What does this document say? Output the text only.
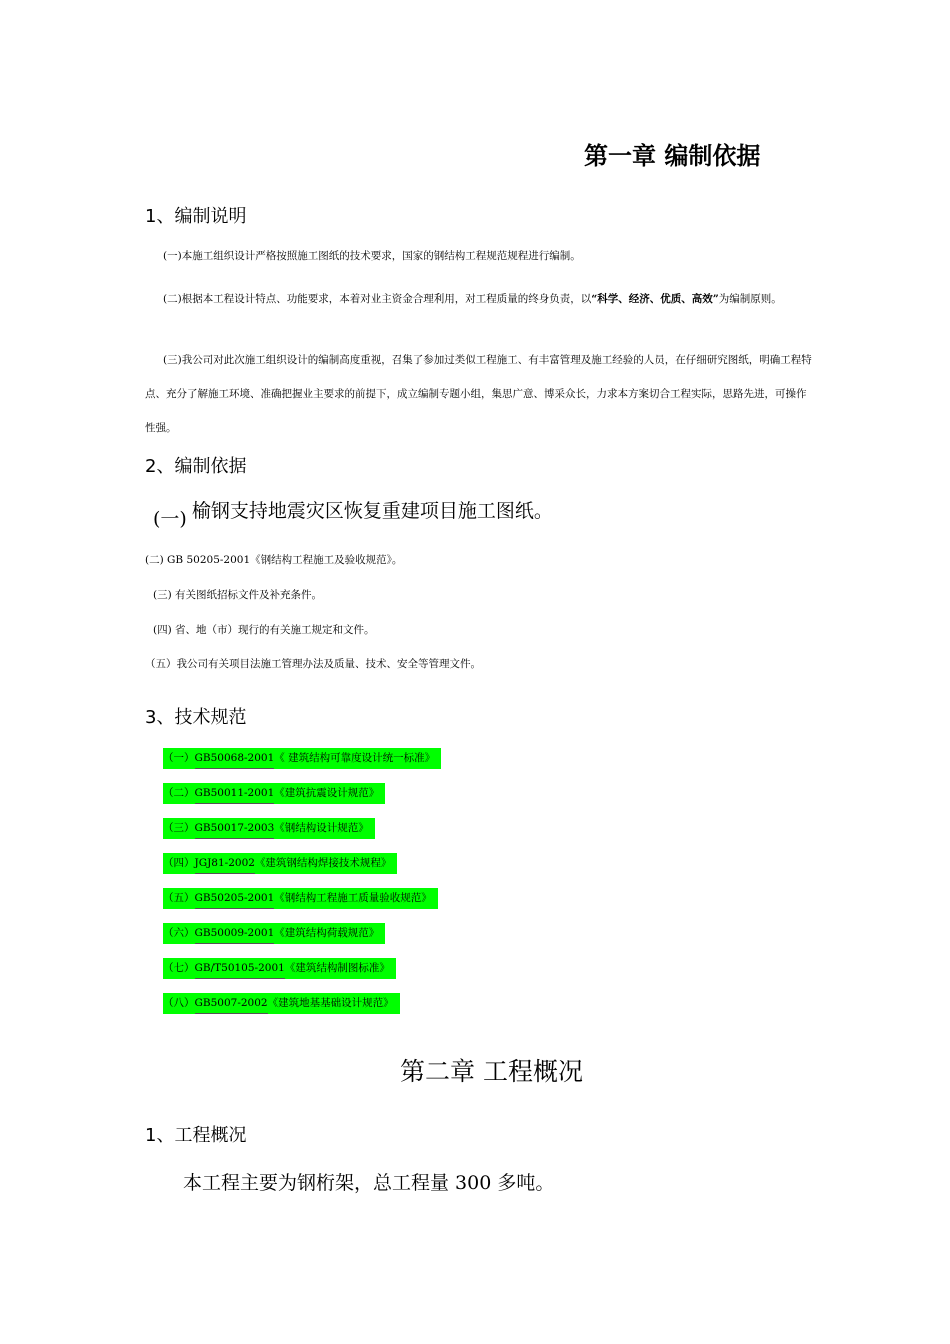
第一章 编制依据
1、编制说明
(一)本施工组织设计严格按照施工图纸的技术要求，国家的钢结构工程规范规程进行编制。
(二)根据本工程设计特点、功能要求，本着对业主资金合理利用，对工程质量的终身负责，以“科学、经济、优质、高效”为编制原则。
(三)我公司对此次施工组织设计的编制高度重视，召集了参加过类似工程施工、有丰富管理及施工经验的人员，在仔细研究图纸，明确工程特点、充分了解施工环境、准确把握业主要求的前提下，成立编制专题小组，集思广意、博采众长，力求本方案切合工程实际，思路先进，可操作性强。
2、编制依据
(一) 榆钢支持地震灾区恢复重建项目施工图纸。
(二) GB 50205-2001《钢结构工程施工及验收规范》。
(三) 有关图纸招标文件及补充条件。
(四) 省、地（市）现行的有关施工规定和文件。
（五）我公司有关项目法施工管理办法及质量、技术、安全等管理文件。
3、技术规范
（一）GB50068-2001《 建筑结构可靠度设计统一标准》
（二）GB50011-2001《建筑抗震设计规范》
（三）GB50017-2003《钢结构设计规范》
（四）JGJ81-2002《建筑钢结构焊接技术规程》
（五）GB50205-2001《钢结构工程施工质量验收规范》
（六）GB50009-2001《建筑结构荷载规范》
（七）GB/T50105-2001《建筑结构制图标准》
（八）GB5007-2002《建筑地基基础设计规范》
第二章 工程概况
1、工程概况
本工程主要为钢桁架，总工程量 300 多吨。
